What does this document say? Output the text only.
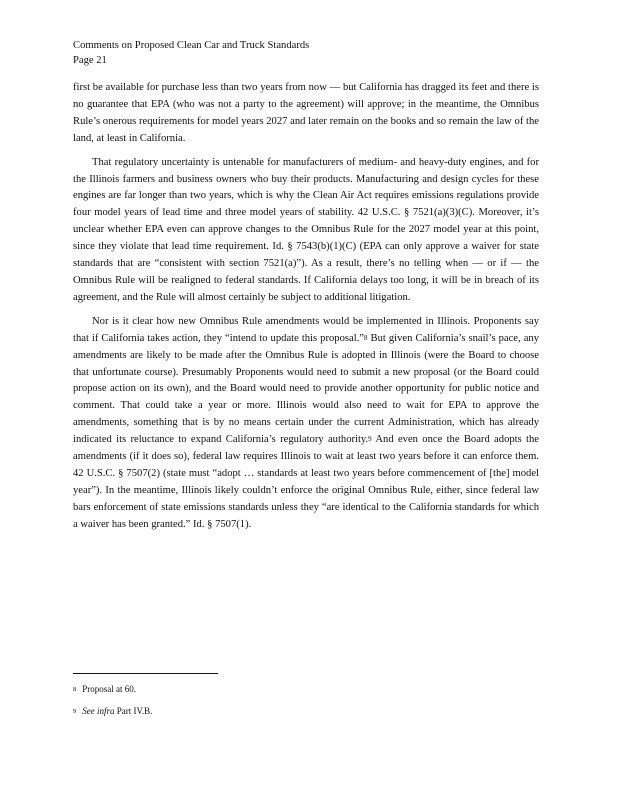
Comments on Proposed Clean Car and Truck Standards
Page 21

first be available for purchase less than two years from now — but California has dragged its feet and there is no guarantee that EPA (who was not a party to the agreement) will approve; in the meantime, the Omnibus Rule’s onerous requirements for model years 2027 and later remain on the books and so remain the law of the land, at least in California.

That regulatory uncertainty is untenable for manufacturers of medium- and heavy-duty engines, and for the Illinois farmers and business owners who buy their products. Manufacturing and design cycles for these engines are far longer than two years, which is why the Clean Air Act requires emissions regulations provide four model years of lead time and three model years of stability. 42 U.S.C. § 7521(a)(3)(C). Moreover, it’s unclear whether EPA even can approve changes to the Omnibus Rule for the 2027 model year at this point, since they violate that lead time requirement. Id. § 7543(b)(1)(C) (EPA can only approve a waiver for state standards that are “consistent with section 7521(a)”). As a result, there’s no telling when — or if — the Omnibus Rule will be realigned to federal standards. If California delays too long, it will be in breach of its agreement, and the Rule will almost certainly be subject to additional litigation.

Nor is it clear how new Omnibus Rule amendments would be implemented in Illinois. Proponents say that if California takes action, they “intend to update this proposal.”$^8$ But given California’s snail’s pace, any amendments are likely to be made after the Omnibus Rule is adopted in Illinois (were the Board to choose that unfortunate course). Presumably Proponents would need to submit a new proposal (or the Board could propose action on its own), and the Board would need to provide another opportunity for public notice and comment. That could take a year or more. Illinois would also need to wait for EPA to approve the amendments, something that is by no means certain under the current Administration, which has already indicated its reluctance to expand California’s regulatory authority.$^9$ And even once the Board adopts the amendments (if it does so), federal law requires Illinois to wait at least two years before it can enforce them. 42 U.S.C. § 7507(2) (state must “adopt … standards at least two years before commencement of [the] model year”). In the meantime, Illinois likely couldn’t enforce the original Omnibus Rule, either, since federal law bars enforcement of state emissions standards unless they “are identical to the California standards for which a waiver has been granted.” Id. § 7507(1).

$^8$ Proposal at 60.

$^9$ See infra Part IV.B.
